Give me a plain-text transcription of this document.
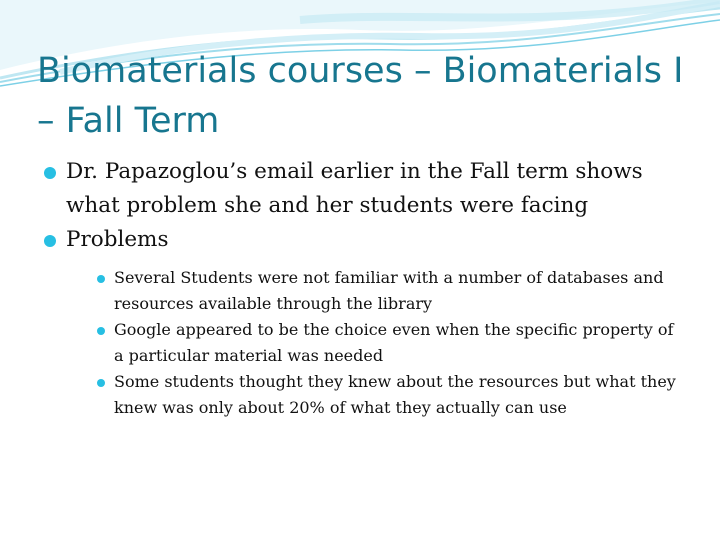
Biomaterials courses – Biomaterials I – Fall Term

Dr. Papazoglou’s email earlier in the Fall term shows what problem she and her students were facing

Problems

Several Students were not familiar with a number of databases and resources available through the library
Google appeared to be the choice even when the specific property of a particular material was needed
Some students thought they knew about the resources but what they knew was only about 20% of what they actually can use
